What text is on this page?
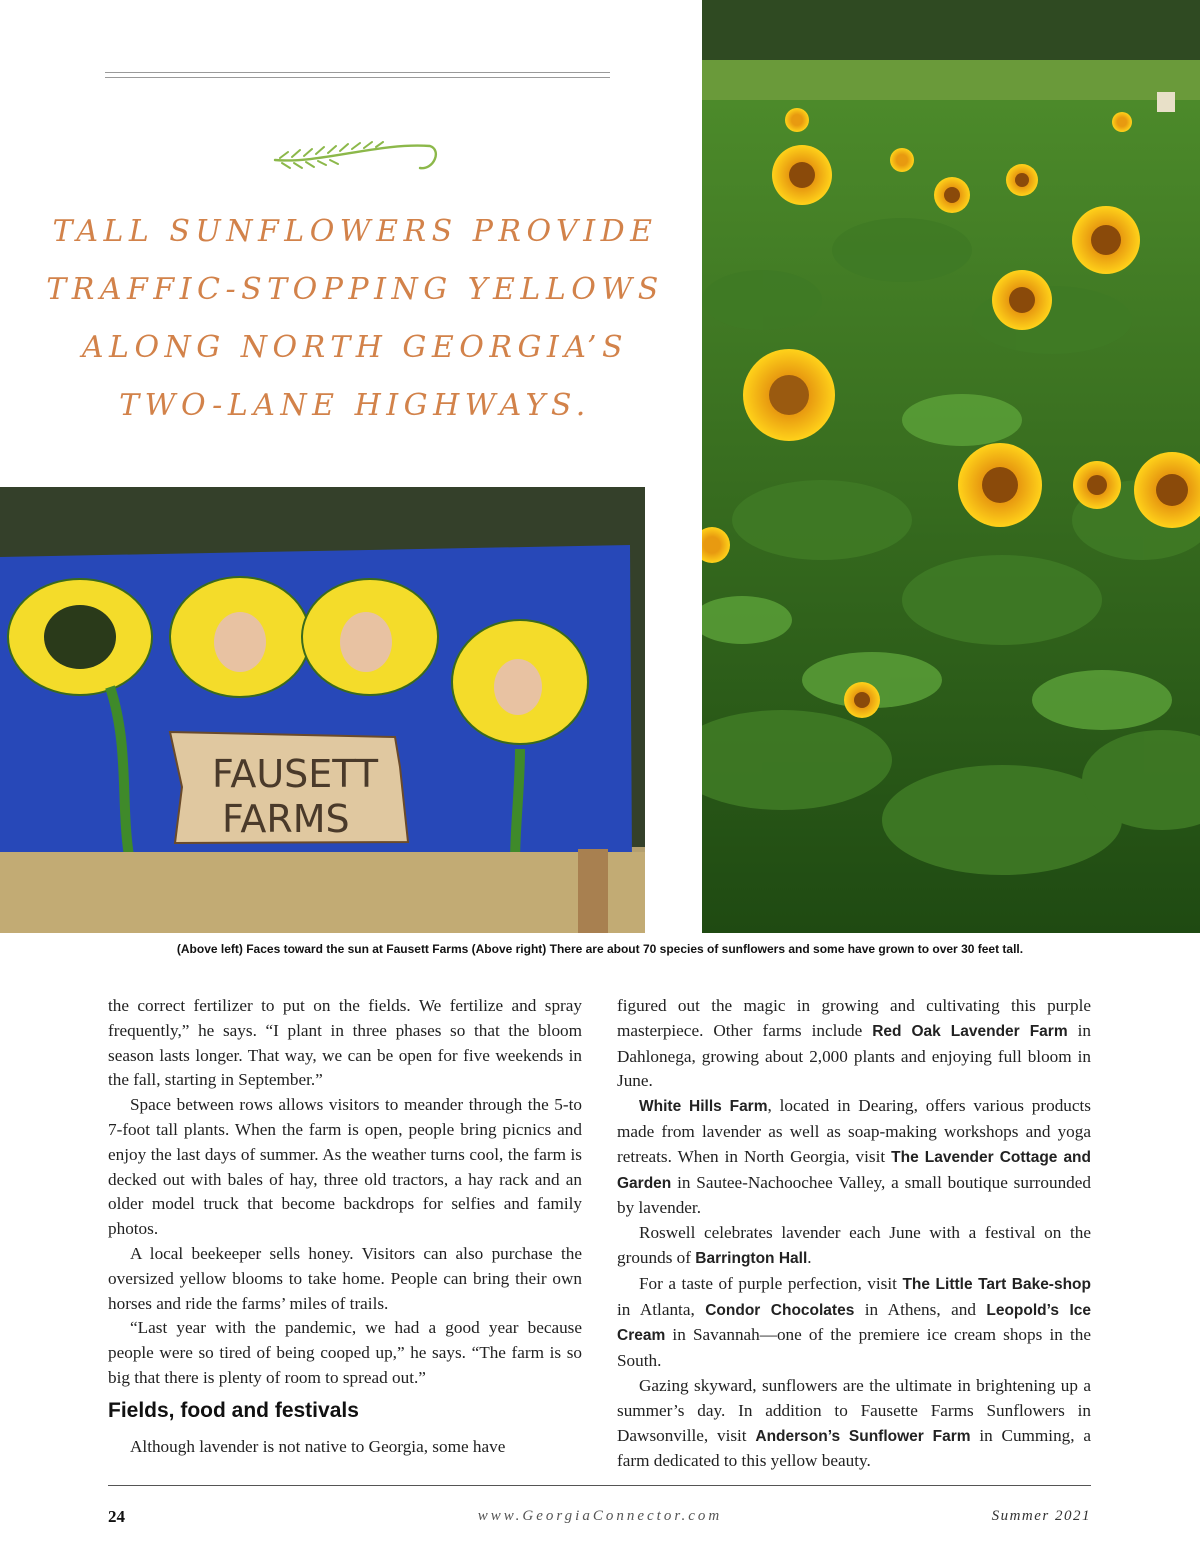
TALL SUNFLOWERS PROVIDE
TRAFFIC-STOPPING YELLOWS
ALONG NORTH GEORGIA’S
TWO-LANE HIGHWAYS.
FAUSETT
FARMS
(Above left) Faces toward the sun at Fausett Farms (Above right) There are about 70 species of sunflowers and some have grown to over 30 feet tall.

the correct fertilizer to put on the fields. We fertilize and spray frequently,” he says. “I plant in three phases so that the bloom season lasts longer. That way, we can be open for five weekends in the fall, starting in September.”

Space between rows allows visitors to meander through the 5-to 7-foot tall plants. When the farm is open, people bring picnics and enjoy the last days of summer. As the weather turns cool, the farm is decked out with bales of hay, three old tractors, a hay rack and an older model truck that become backdrops for selfies and family photos.

A local beekeeper sells honey. Visitors can also purchase the oversized yellow blooms to take home. People can bring their own horses and ride the farms’ miles of trails.

“Last year with the pandemic, we had a good year because people were so tired of being cooped up,” he says. “The farm is so big that there is plenty of room to spread out.”

Fields, food and festivals

Although lavender is not native to Georgia, some have

figured out the magic in growing and cultivating this purple masterpiece. Other farms include Red Oak Lavender Farm in Dahlonega, growing about 2,000 plants and enjoying full bloom in June.

White Hills Farm, located in Dearing, offers various products made from lavender as well as soap-making workshops and yoga retreats. When in North Georgia, visit The Lavender Cottage and Garden in Sautee-Nachoochee Valley, a small boutique surrounded by lavender.

Roswell celebrates lavender each June with a festival on the grounds of Barrington Hall.

For a taste of purple perfection, visit The Little Tart Bake-shop in Atlanta, Condor Chocolates in Athens, and Leopold’s Ice Cream in Savannah—one of the premiere ice cream shops in the South.

Gazing skyward, sunflowers are the ultimate in brightening up a summer’s day. In addition to Fausette Farms Sunflowers in Dawsonville, visit Anderson’s Sunflower Farm in Cumming, a farm dedicated to this yellow beauty.

24	www.GeorgiaConnector.com	Summer 2021
